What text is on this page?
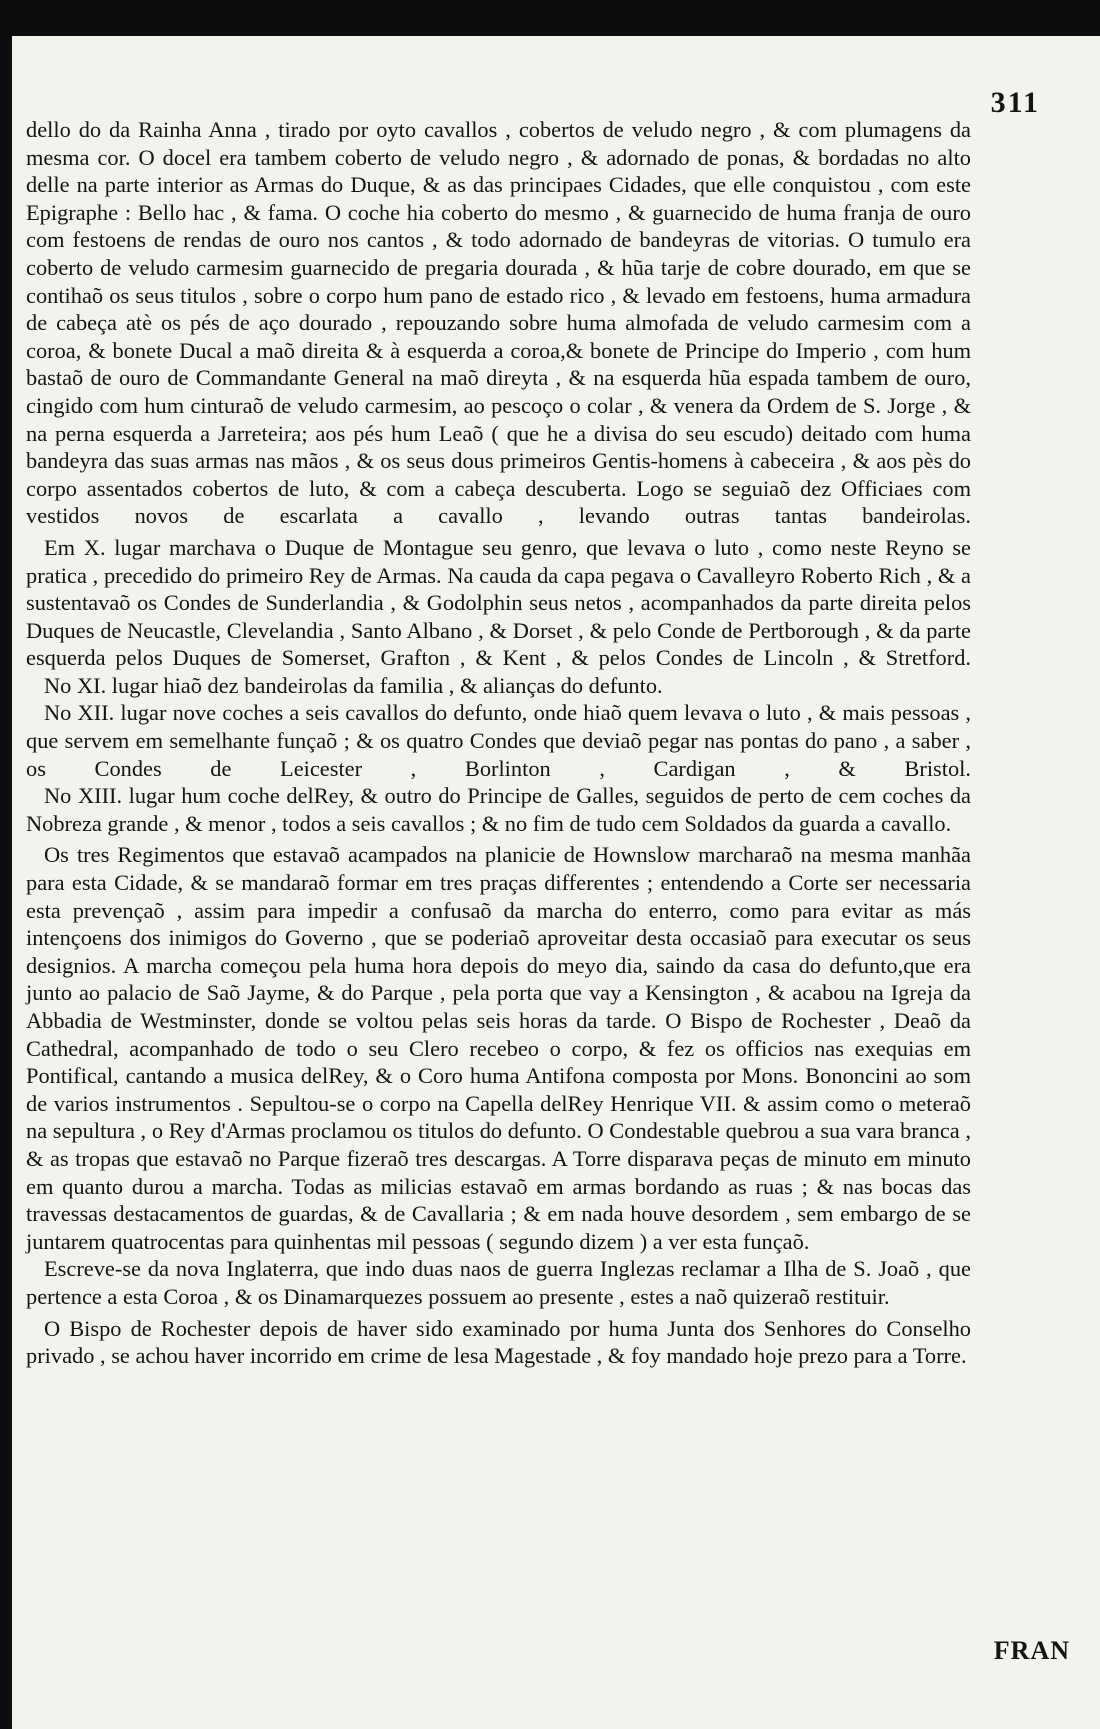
311

dello do da Rainha Anna , tirado por oyto cavallos , cobertos de veludo negro , & com plumagens da mesma cor. O docel era tambem coberto de veludo negro , & adornado de ponas, & bordadas no alto delle na parte interior as Armas do Duque, & as das principaes Cidades, que elle conquistou , com este Epigraphe : Bello hac , & fama. O coche hia coberto do mesmo , & guarnecido de huma franja de ouro com festoens de rendas de ouro nos cantos , & todo adornado de bandeyras de vitorias. O tumulo era coberto de veludo carmesim guarnecido de pregaria dourada , & hũa tarje de cobre dourado, em que se contihaõ os seus titulos , sobre o corpo hum pano de estado rico , & levado em festoens, huma armadura de cabeça atè os pés de aço dourado , repouzando sobre huma almofada de veludo carmesim com a coroa, & bonete Ducal a maõ direita & à esquerda a coroa,& bonete de Principe do Imperio , com hum bastaõ de ouro de Commandante General na maõ direyta , & na esquerda hũa espada tambem de ouro, cingido com hum cinturaõ de veludo carmesim, ao pescoço o colar , & venera da Ordem de S. Jorge , & na perna esquerda a Jarreteira; aos pés hum Leaõ ( que he a divisa do seu escudo) deitado com huma bandeyra das suas armas nas mãos , & os seus dous primeiros Gentis-homens à cabeceira , & aos pès do corpo assentados cobertos de luto, & com a cabeça descuberta. Logo se seguiaõ dez Officiaes com vestidos novos de escarlata a cavallo , levando outras tantas bandeirolas.

Em X. lugar marchava o Duque de Montague seu genro, que levava o luto , como neste Reyno se pratica , precedido do primeiro Rey de Armas. Na cauda da capa pegava o Cavalleyro Roberto Rich , & a sustentavaõ os Condes de Sunderlandia , & Godolphin seus netos , acompanhados da parte direita pelos Duques de Neucastle, Clevelandia , Santo Albano , & Dorset , & pelo Conde de Pertborough , & da parte esquerda pelos Duques de Somerset, Grafton , & Kent , & pelos Condes de Lincoln , & Stretford.

No XI. lugar hiaõ dez bandeirolas da familia , & alianças do defunto.

No XII. lugar nove coches a seis cavallos do defunto, onde hiaõ quem levava o luto , & mais pessoas , que servem em semelhante funçaõ ; & os quatro Condes que deviaõ pegar nas pontas do pano , a saber , os Condes de Leicester , Borlinton , Cardigan , & Bristol.

No XIII. lugar hum coche delRey, & outro do Principe de Galles, seguidos de perto de cem coches da Nobreza grande , & menor , todos a seis cavallos ; & no fim de tudo cem Soldados da guarda a cavallo.

Os tres Regimentos que estavaõ acampados na planicie de Hownslow marcharaõ na mesma manhãa para esta Cidade, & se mandaraõ formar em tres praças differentes ; entendendo a Corte ser necessaria esta prevençaõ , assim para impedir a confusaõ da marcha do enterro, como para evitar as más intençoens dos inimigos do Governo , que se poderiaõ aproveitar desta occasiaõ para executar os seus designios. A marcha começou pela huma hora depois do meyo dia, saindo da casa do defunto,que era junto ao palacio de Saõ Jayme, & do Parque , pela porta que vay a Kensington , & acabou na Igreja da Abbadia de Westminster, donde se voltou pelas seis horas da tarde. O Bispo de Rochester , Deaõ da Cathedral, acompanhado de todo o seu Clero recebeo o corpo, & fez os officios nas exequias em Pontifical, cantando a musica delRey, & o Coro huma Antifona composta por Mons. Bononcini ao som de varios instrumentos . Sepultou-se o corpo na Capella delRey Henrique VII. & assim como o meteraõ na sepultura , o Rey d'Armas proclamou os titulos do defunto. O Condestable quebrou a sua vara branca , & as tropas que estavaõ no Parque fizeraõ tres descargas. A Torre disparava peças de minuto em minuto em quanto durou a marcha. Todas as milicias estavaõ em armas bordando as ruas ; & nas bocas das travessas destacamentos de guardas, & de Cavallaria ; & em nada houve desordem , sem embargo de se juntarem quatrocentas para quinhentas mil pessoas ( segundo dizem ) a ver esta funçaõ.

Escreve-se da nova Inglaterra, que indo duas naos de guerra Inglezas reclamar a Ilha de S. Joaõ , que pertence a esta Coroa , & os Dinamarquezes possuem ao presente , estes a naõ quizeraõ restituir.

O Bispo de Rochester depois de haver sido examinado por huma Junta dos Senhores do Conselho privado , se achou haver incorrido em crime de lesa Magestade , & foy mandado hoje prezo para a Torre.

FRAN
